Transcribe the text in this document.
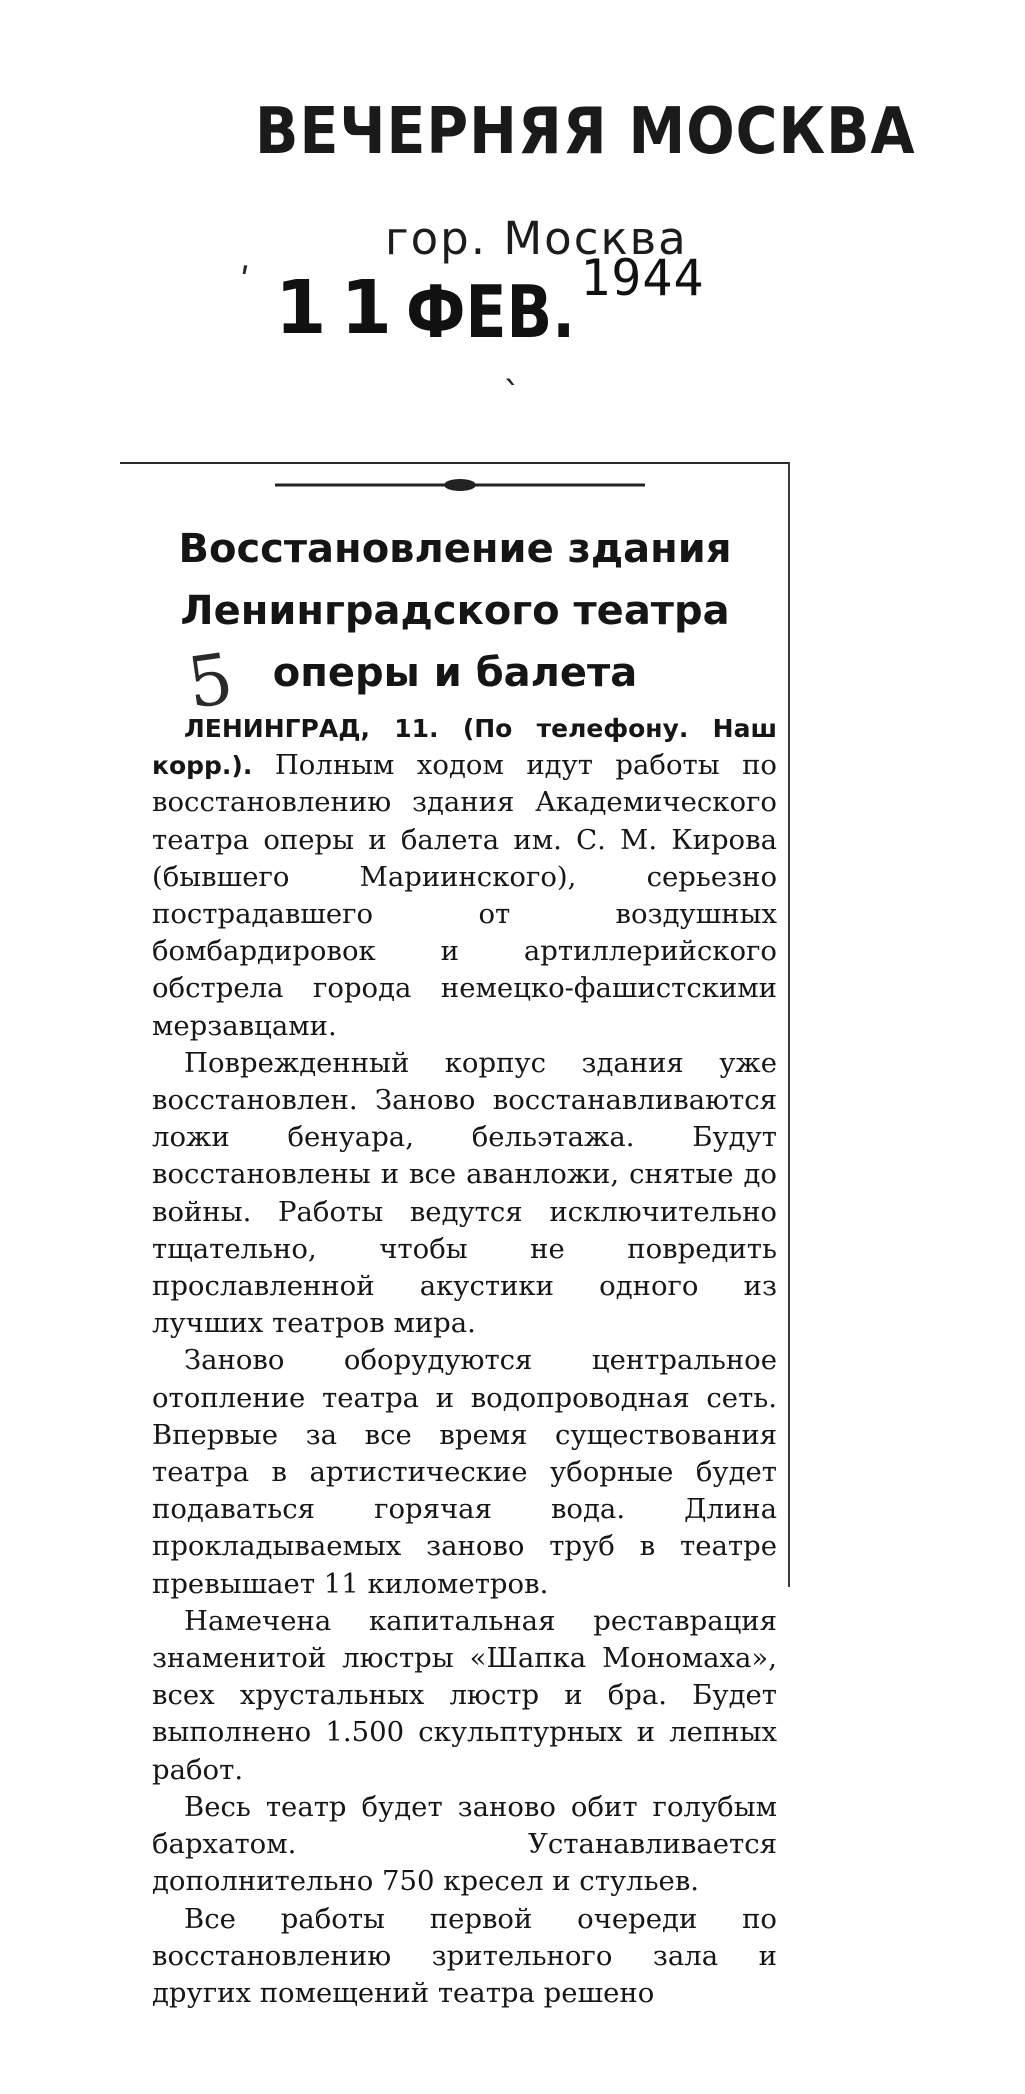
ВЕЧЕРНЯЯ МОСКВА
гор. Москва
11ФЕВ. 1944
ʹ
`
Восстановление здания
Ленинградского театра
оперы и балета
5

ЛЕНИНГРАД, 11. (По телефону. Наш корр.). Полным ходом идут работы по восстановлению здания Академического театра оперы и балета им. С. М. Кирова (бывшего Мариинского), серьезно пострадавшего от воздушных бомбардировок и артиллерийского обстрела города немецко-фашистскими мерзавцами.

Поврежденный корпус здания уже восстановлен. Заново восстанавливаются ложи бенуара, бельэтажа. Будут восстановлены и все аванложи, снятые до войны. Работы ведутся исключительно тщательно, чтобы не повредить прославленной акустики одного из лучших театров мира.

Заново оборудуются центральное отопление театра и водопроводная сеть. Впервые за все время существования театра в артистические уборные будет подаваться горячая вода. Длина прокладываемых заново труб в театре превышает 11 километров.

Намечена капитальная реставрация знаменитой люстры «Шапка Мономаха», всех хрустальных люстр и бра. Будет выполнено 1.500 скульптурных и лепных работ.

Весь театр будет заново обит голубым бархатом. Устанавливается дополнительно 750 кресел и стульев.

Все работы первой очереди по восстановлению зрительного зала и других помещений театра решено
